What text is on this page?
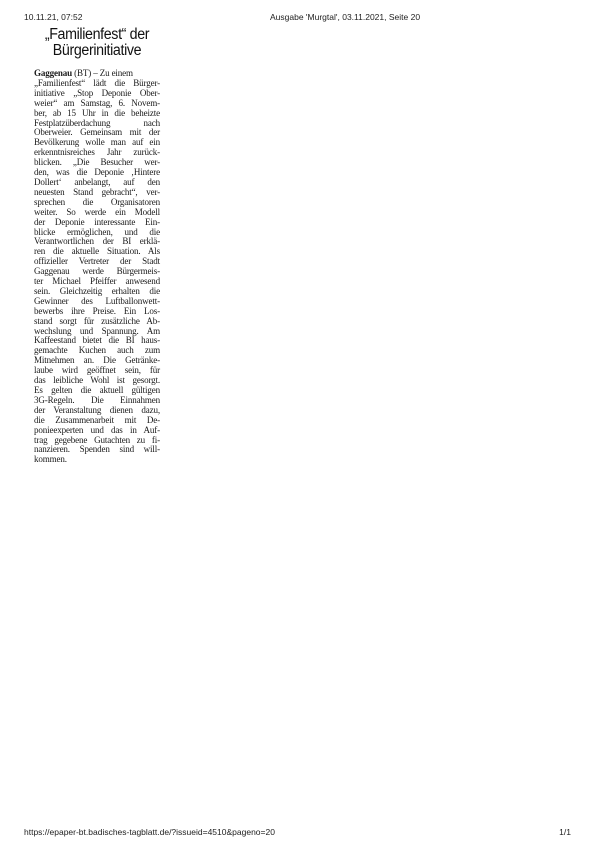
10.11.21, 07:52	Ausgabe 'Murgtal', 03.11.2021, Seite 20
„Familienfest“ der
Bürgerinitiative
Gaggenau (BT) – Zu einem
„Familienfest“ lädt die Bürger-
initiative „Stop Deponie Ober-
weier“ am Samstag, 6. Novem-
ber, ab 15 Uhr in die beheizte
Festplatzüberdachung nach
Oberweier. Gemeinsam mit der
Bevölkerung wolle man auf ein
erkenntnisreiches Jahr zurück-
blicken. „Die Besucher wer-
den, was die Deponie ‚Hintere
Dollert‘ anbelangt, auf den
neuesten Stand gebracht“, ver-
sprechen die Organisatoren
weiter. So werde ein Modell
der Deponie interessante Ein-
blicke ermöglichen, und die
Verantwortlichen der BI erklä-
ren die aktuelle Situation. Als
offizieller Vertreter der Stadt
Gaggenau werde Bürgermeis-
ter Michael Pfeiffer anwesend
sein. Gleichzeitig erhalten die
Gewinner des Luftballonwett-
bewerbs ihre Preise. Ein Los-
stand sorgt für zusätzliche Ab-
wechslung und Spannung. Am
Kaffeestand bietet die BI haus-
gemachte Kuchen auch zum
Mitnehmen an. Die Getränke-
laube wird geöffnet sein, für
das leibliche Wohl ist gesorgt.
Es gelten die aktuell gültigen
3G-Regeln. Die Einnahmen
der Veranstaltung dienen dazu,
die Zusammenarbeit mit De-
ponieexperten und das in Auf-
trag gegebene Gutachten zu fi-
nanzieren. Spenden sind will-
kommen.
https://epaper-bt.badisches-tagblatt.de/?issueid=4510&pageno=20	1/1
